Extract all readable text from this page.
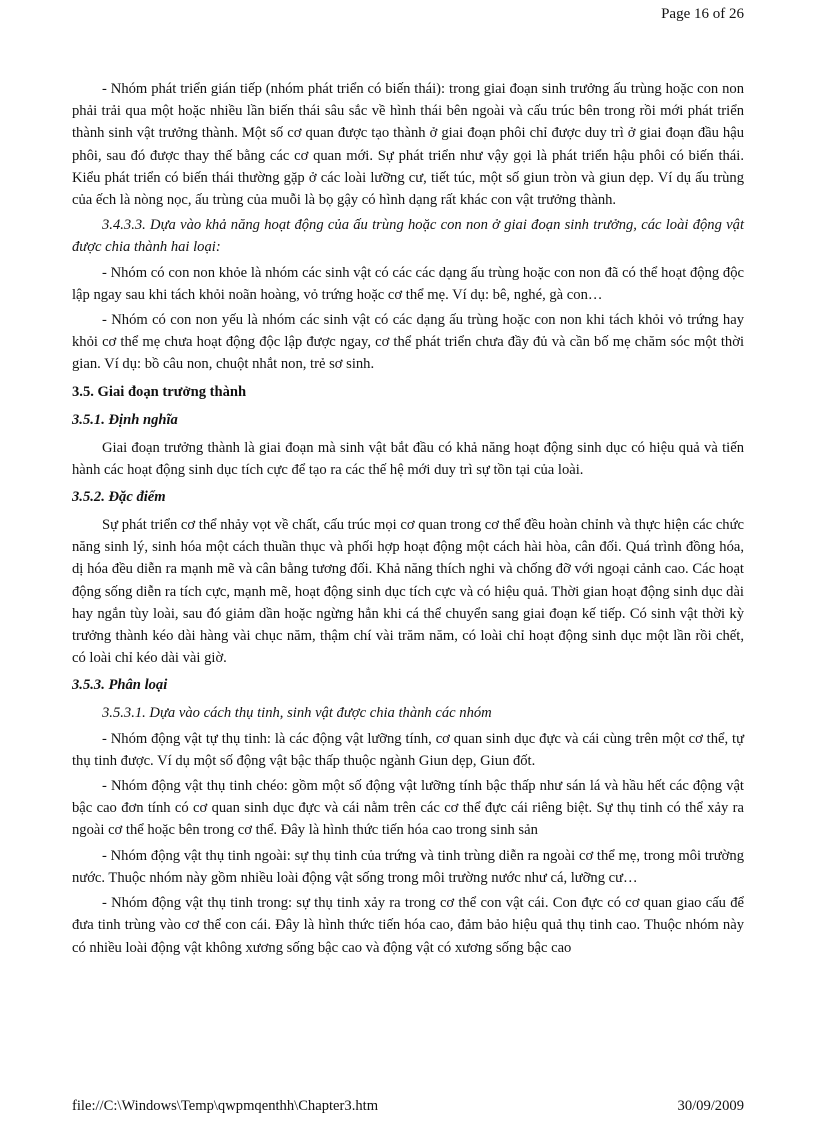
Page 16 of 26

- Nhóm phát triển gián tiếp (nhóm phát triển có biến thái): trong giai đoạn sinh trưởng ấu trùng hoặc con non phải trải qua một hoặc nhiều lần biến thái sâu sắc về hình thái bên ngoài và cấu trúc bên trong rồi mới phát triển thành sinh vật trưởng thành. Một số cơ quan được tạo thành ở giai đoạn phôi chỉ được duy trì ở giai đoạn đầu hậu phôi, sau đó được thay thế bằng các cơ quan mới. Sự phát triển như vậy gọi là phát triển hậu phôi có biến thái. Kiểu phát triển có biến thái thường gặp ở các loài lưỡng cư, tiết túc, một số giun tròn và giun dẹp. Ví dụ ấu trùng của ếch là nòng nọc, ấu trùng của muỗi là bọ gậy có hình dạng rất khác con vật trưởng thành.

3.4.3.3. Dựa vào khả năng hoạt động của ấu trùng hoặc con non ở giai đoạn sinh trưởng, các loài động vật được chia thành hai loại:

- Nhóm có con non khỏe là nhóm các sinh vật có các các dạng ấu trùng hoặc con non đã có thể hoạt động độc lập ngay sau khi tách khỏi noãn hoàng, vỏ trứng hoặc cơ thể mẹ. Ví dụ: bê, nghé, gà con…

- Nhóm có con non yếu là nhóm các sinh vật có các dạng ấu trùng hoặc con non khi tách khỏi vỏ trứng hay khỏi cơ thể mẹ chưa hoạt động độc lập được ngay, cơ thể phát triển chưa đầy đủ và cần bố mẹ chăm sóc một thời gian. Ví dụ: bồ câu non, chuột nhắt non, trẻ sơ sinh.

3.5. Giai đoạn trưởng thành
3.5.1. Định nghĩa

Giai đoạn trưởng thành là giai đoạn mà sinh vật bắt đầu có khả năng hoạt động sinh dục có hiệu quả và tiến hành các hoạt động sinh dục tích cực để tạo ra các thế hệ mới duy trì sự tồn tại của loài.

3.5.2. Đặc điểm

Sự phát triển cơ thể nhảy vọt về chất, cấu trúc mọi cơ quan trong cơ thể đều hoàn chỉnh và thực hiện các chức năng sinh lý, sinh hóa một cách thuần thục và phối hợp hoạt động một cách hài hòa, cân đối. Quá trình đồng hóa, dị hóa đều diễn ra mạnh mẽ và cân bằng tương đối. Khả năng thích nghi và chống đỡ với ngoại cảnh cao. Các hoạt động sống diễn ra tích cực, mạnh mẽ, hoạt động sinh dục tích cực và có hiệu quả. Thời gian hoạt động sinh dục dài hay ngắn tùy loài, sau đó giảm dần hoặc ngừng hẳn khi cá thể chuyển sang giai đoạn kế tiếp. Có sinh vật thời kỳ trưởng thành kéo dài hàng vài chục năm, thậm chí vài trăm năm, có loài chỉ hoạt động sinh dục một lần rồi chết, có loài chỉ kéo dài vài giờ.

3.5.3. Phân loại

3.5.3.1. Dựa vào cách thụ tinh, sinh vật được chia thành các nhóm

- Nhóm động vật tự thụ tinh: là các động vật lưỡng tính, cơ quan sinh dục đực và cái cùng trên một cơ thể, tự thụ tinh được. Ví dụ một số động vật bậc thấp thuộc ngành Giun dẹp, Giun đốt.

- Nhóm động vật thụ tinh chéo: gồm một số động vật lưỡng tính bậc thấp như sán lá và hầu hết các động vật bậc cao đơn tính có cơ quan sinh dục đực và cái nằm trên các cơ thể đực cái riêng biệt. Sự thụ tinh có thể xảy ra ngoài cơ thể hoặc bên trong cơ thể. Đây là hình thức tiến hóa cao trong sinh sản

- Nhóm động vật thụ tinh ngoài: sự thụ tinh của trứng và tinh trùng diễn ra ngoài cơ thể mẹ, trong môi trường nước. Thuộc nhóm này gồm nhiều loài động vật sống trong môi trường nước như cá, lưỡng cư…

- Nhóm động vật thụ tinh trong: sự thụ tinh xảy ra trong cơ thể con vật cái. Con đực có cơ quan giao cấu để đưa tinh trùng vào cơ thể con cái. Đây là hình thức tiến hóa cao, đảm bảo hiệu quả thụ tinh cao. Thuộc nhóm này có nhiều loài động vật không xương sống bậc cao và động vật có xương sống bậc cao

file://C:\Windows\Temp\qwpmqenthh\Chapter3.htm	30/09/2009
